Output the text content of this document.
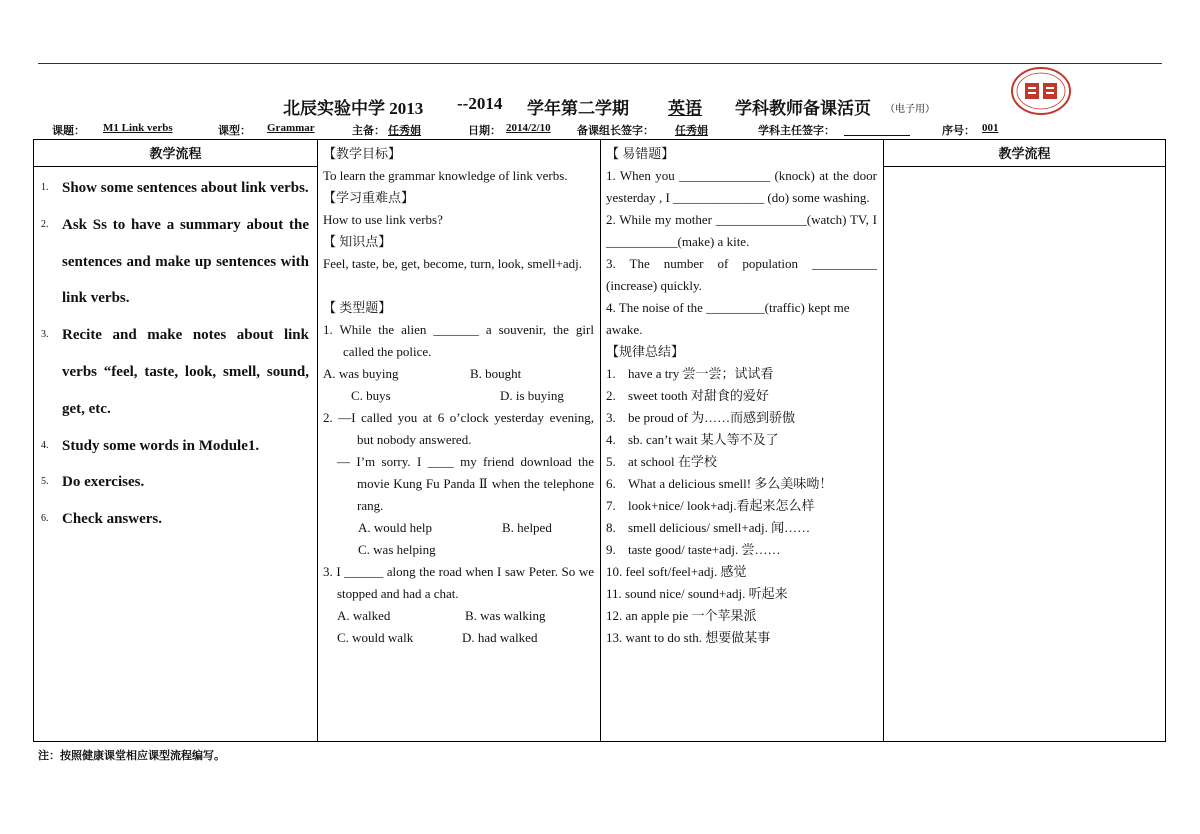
北辰实验中学 2013 --2014 学年第二学期 英语 学科教师备课活页 （电子用）
课题： M1 Link verbs	课型： Grammar	主备： 任秀娟	日期： 2014/2/10 备课组长签字： 任秀娟	学科主任签字：	序号： 001
教学流程	教学流程
1. Show some sentences about link verbs.
2. Ask Ss to have a summary about the sentences and make up sentences with link verbs.
3. Recite and make notes about link verbs “feel, taste, look, smell, sound, get, etc.
4. Study some words in Module1.
5. Do exercises.
6. Check answers.

【教学目标】

To learn the grammar knowledge of link verbs.

【学习重难点】

How to use link verbs?

【 知识点】

Feel, taste, be, get, become, turn, look, smell+adj.

【 类型题】

1. While the alien _______ a souvenir, the girl called the police.

A. was buying	B. bought
C. buys	D. is buying

2. —I called you at 6 o’clock yesterday evening, but nobody answered.

— I’m sorry. I ____ my friend download the movie Kung Fu Panda Ⅱ when the telephone rang.

A. would help	B. helped
C. was helping

3. I ______ along the road when I saw Peter. So we stopped and had a chat.

A. walked	B. was walking
C. would walk	D. had walked

【 易错题】

1. When you ______________ (knock) at the door yesterday , I ______________ (do) some washing.

2. While my mother ______________(watch) TV, I ___________(make) a kite.

3. The number of population __________ (increase) quickly.

4. The noise of the _________(traffic) kept me

awake.

【规律总结】

1. have a try 尝一尝；试试看
2. sweet tooth 对甜食的爱好
3. be proud of 为……而感到骄傲
4. sb. can’t wait 某人等不及了
5. at school 在学校
6. What a delicious smell! 多么美味呦！
7. look+nice/ look+adj.看起来怎么样
8. smell delicious/ smell+adj. 闻……
9. taste good/ taste+adj. 尝……
10. feel soft/feel+adj. 感觉
11. sound nice/ sound+adj. 听起来
12. an apple pie 一个苹果派
13. want to do sth. 想要做某事
注：按照健康课堂相应课型流程编写。
